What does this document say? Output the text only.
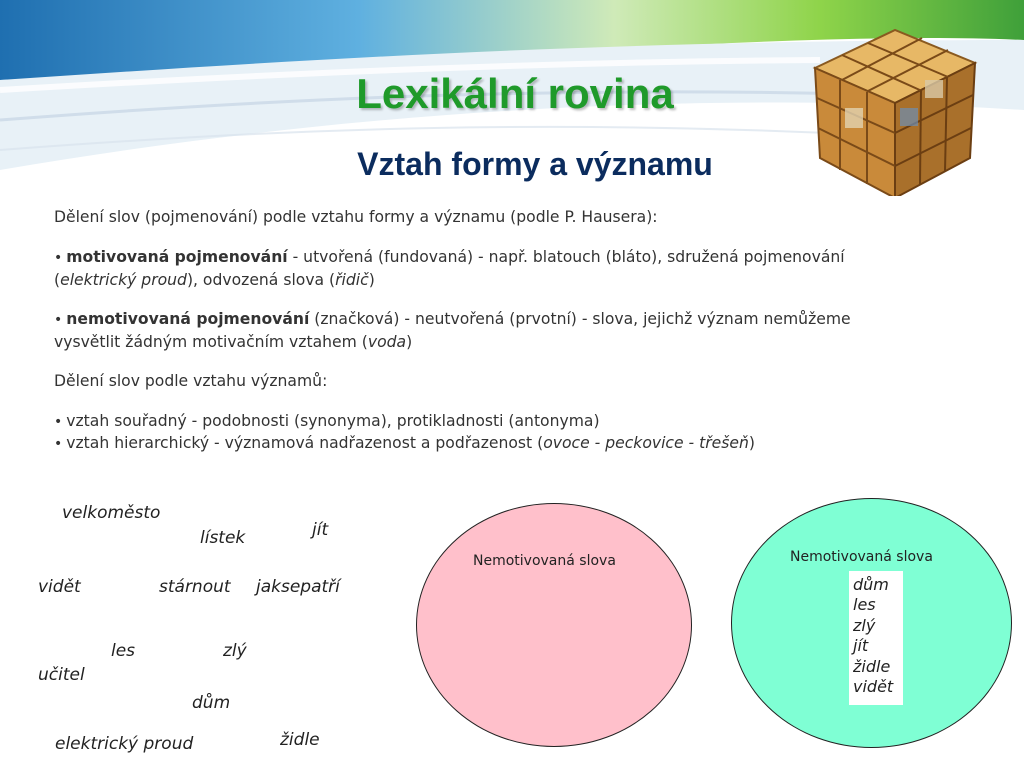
Lexikální rovina
Vztah formy a významu

Dělení slov (pojmenování) podle vztahu formy a významu (podle P. Hausera):

• motivovaná pojmenování - utvořená (fundovaná) - např. blatouch (bláto), sdružená pojmenování
(elektrický proud), odvozená slova (řidič)

• nemotivovaná pojmenování (značková) - neutvořená (prvotní) - slova, jejichž význam nemůžeme
vysvětlit žádným motivačním vztahem (voda)

Dělení slov podle vztahu významů:

• vztah souřadný - podobnosti (synonyma), protikladnosti (antonyma)

• vztah hierarchický - významová nadřazenost a podřazenost (ovoce - peckovice - třešeň)

velkoměsto
lístek	jít
vidět	stárnout jaksepatří
les	zlý
učitel
dům
elektrický proud	židle
Nemotivovaná slova	Nemotivovaná slova
dům
les
zlý
jít
židle
vidět
